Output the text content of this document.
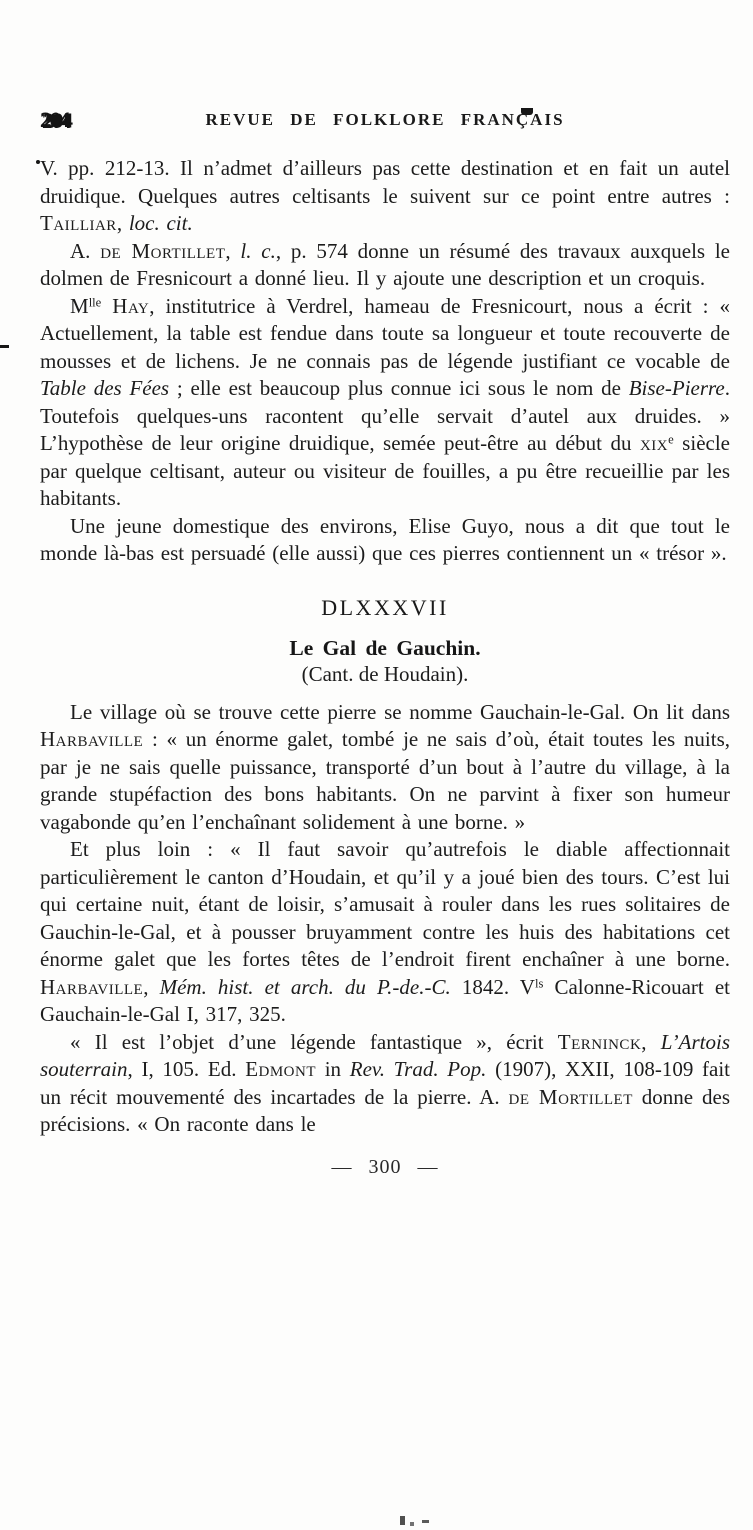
204	REVUE DE FOLKLORE FRANÇAIS

V. pp. 212-13. Il n’admet d’ailleurs pas cette destination et en fait un autel druidique. Quelques autres celtisants le suivent sur ce point entre autres : Tailliar, loc. cit.

A. de Mortillet, l. c., p. 574 donne un résumé des travaux auxquels le dolmen de Fresnicourt a donné lieu. Il y ajoute une description et un croquis.

$M^{lle}$ Hay, institutrice à Verdrel, hameau de Fresnicourt, nous a écrit : « Actuellement, la table est fendue dans toute sa longueur et toute recouverte de mousses et de lichens. Je ne connais pas de légende justifiant ce vocable de Table des Fées ; elle est beaucoup plus connue ici sous le nom de Bise-Pierre. Toutefois quelques-uns racontent qu’elle servait d’autel aux druides. » L’hypothèse de leur origine druidique, semée peut-être au début du xix$^e$ siècle par quelque celtisant, auteur ou visiteur de fouilles, a pu être recueillie par les habitants.

Une jeune domestique des environs, Elise Guyo, nous a dit que tout le monde là-bas est persuadé (elle aussi) que ces pierres contiennent un « trésor ».

DLXXXVII
Le Gal de Gauchin.
(Cant. de Houdain).

Le village où se trouve cette pierre se nomme Gauchain-le-Gal. On lit dans Harbaville : « un énorme galet, tombé je ne sais d’où, était toutes les nuits, par je ne sais quelle puissance, transporté d’un bout à l’autre du village, à la grande stupéfaction des bons habitants. On ne parvint à fixer son humeur vagabonde qu’en l’enchaînant solidement à une borne. »

Et plus loin : « Il faut savoir qu’autrefois le diable affectionnait particulièrement le canton d’Houdain, et qu’il y a joué bien des tours. C’est lui qui certaine nuit, étant de loisir, s’amusait à rouler dans les rues solitaires de Gauchin-le-Gal, et à pousser bruyamment contre les huis des habitations cet énorme galet que les fortes têtes de l’endroit firent enchaîner à une borne. Harbaville, Mém. hist. et arch. du P.-de.-C. 1842. $V^{ls}$ Calonne-Ricouart et Gauchain-le-Gal I, 317, 325.

« Il est l’objet d’une légende fantastique », écrit Terninck, L’Artois souterrain, I, 105. Ed. Edmont in Rev. Trad. Pop. (1907), XXII, 108-109 fait un récit mouvementé des incartades de la pierre. A. de Mortillet donne des précisions. « On raconte dans le

— 300 —
